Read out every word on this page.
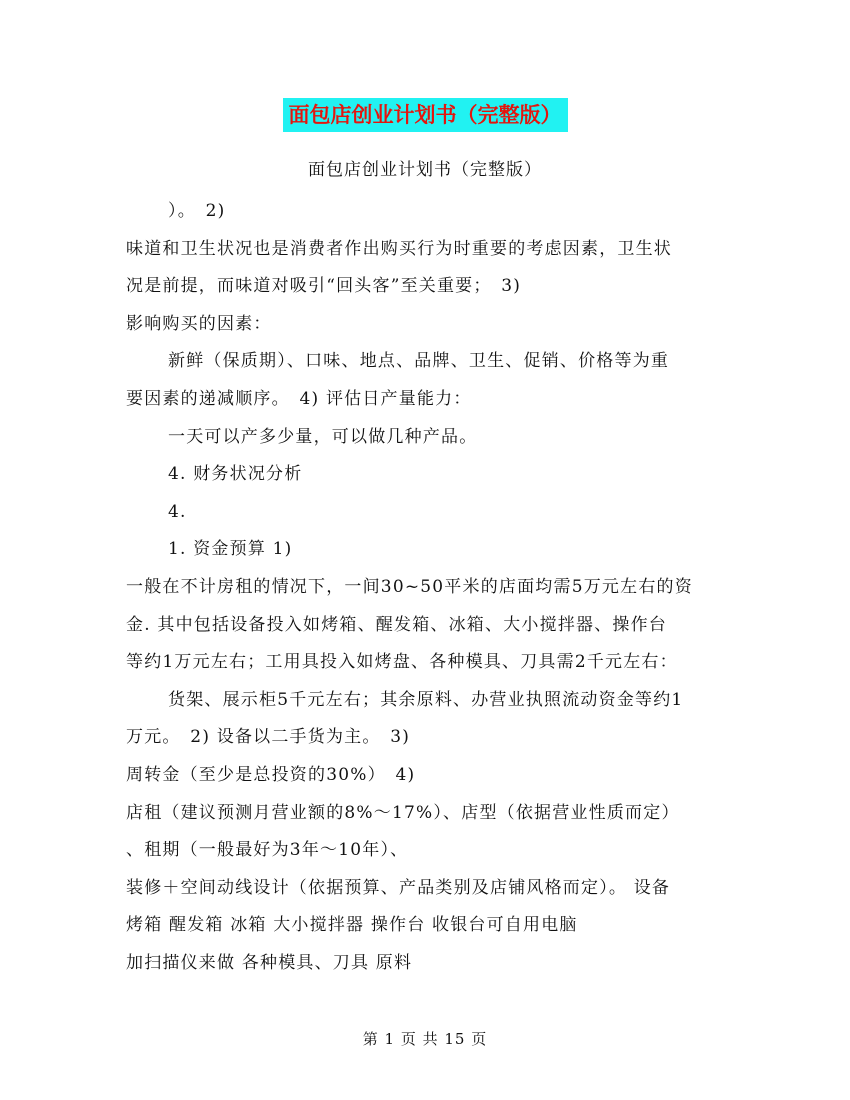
面包店创业计划书（完整版）
面包店创业计划书（完整版）
）。　2)
味道和卫生状况也是消费者作出购买行为时重要的考虑因素，卫生状
况是前提，而味道对吸引“回头客”至关重要；　3)
影响购买的因素：
新鲜（保质期）、口味、地点、品牌、卫生、促销、价格等为重
要因素的递减顺序。　4) 评估日产量能力：
一天可以产多少量，可以做几种产品。
4. 财务状况分析
4.
1. 资金预算 1)
一般在不计房租的情况下，一间30~50平米的店面均需5万元左右的资
金. 其中包括设备投入如烤箱、醒发箱、冰箱、大小搅拌器、操作台
等约1万元左右；工用具投入如烤盘、各种模具、刀具需2千元左右：
货架、展示柜5千元左右；其余原料、办营业执照流动资金等约1
万元。　2) 设备以二手货为主。　3)
周转金（至少是总投资的30%）　4)
店租（建议预测月营业额的8%～17%）、店型（依据营业性质而定）
、租期（一般最好为3年～10年）、
装修＋空间动线设计（依据预算、产品类别及店铺风格而定）。 设备
烤箱 醒发箱 冰箱 大小搅拌器 操作台 收银台可自用电脑
加扫描仪来做 各种模具、刀具 原料
第 1 页 共 15 页
